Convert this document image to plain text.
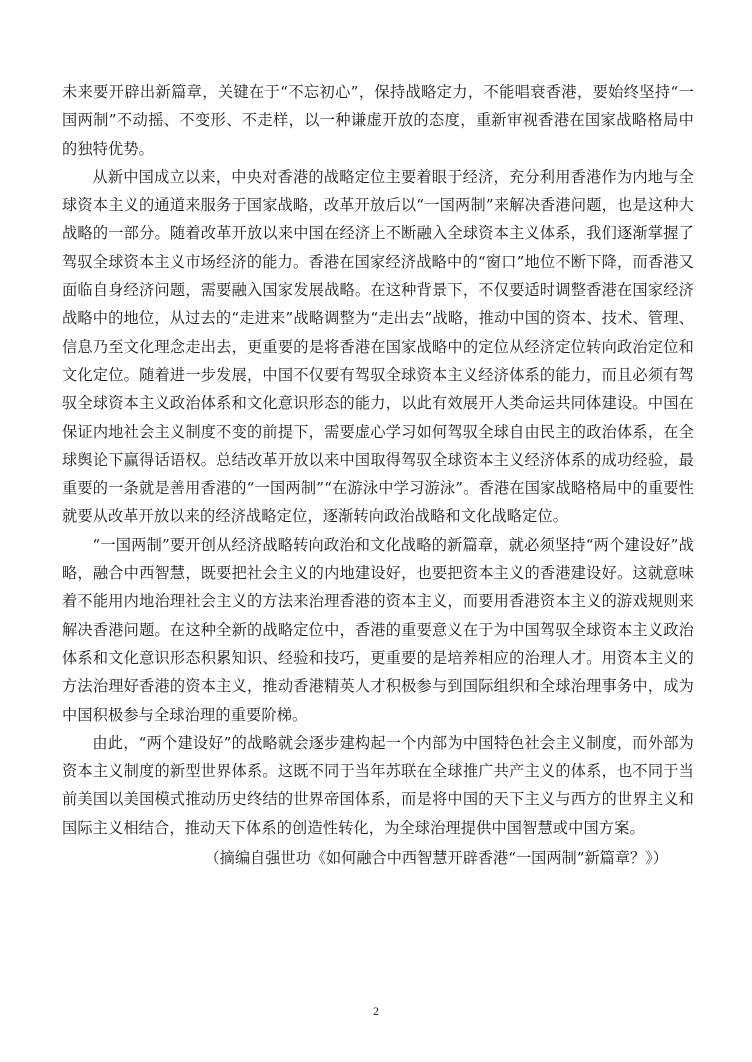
未来要开辟出新篇章，关键在于“不忘初心”，保持战略定力，不能唱衰香港，要始终坚持“一国两制”不动摇、不变形、不走样，以一种谦虚开放的态度，重新审视香港在国家战略格局中的独特优势。

从新中国成立以来，中央对香港的战略定位主要着眼于经济，充分利用香港作为内地与全球资本主义的通道来服务于国家战略，改革开放后以“一国两制”来解决香港问题，也是这种大战略的一部分。随着改革开放以来中国在经济上不断融入全球资本主义体系，我们逐渐掌握了驾驭全球资本主义市场经济的能力。香港在国家经济战略中的“窗口”地位不断下降，而香港又面临自身经济问题，需要融入国家发展战略。在这种背景下，不仅要适时调整香港在国家经济战略中的地位，从过去的“走进来”战略调整为“走出去”战略，推动中国的资本、技术、管理、信息乃至文化理念走出去，更重要的是将香港在国家战略中的定位从经济定位转向政治定位和文化定位。随着进一步发展，中国不仅要有驾驭全球资本主义经济体系的能力，而且必须有驾驭全球资本主义政治体系和文化意识形态的能力，以此有效展开人类命运共同体建设。中国在保证内地社会主义制度不变的前提下，需要虚心学习如何驾驭全球自由民主的政治体系，在全球舆论下赢得话语权。总结改革开放以来中国取得驾驭全球资本主义经济体系的成功经验，最重要的一条就是善用香港的“一国两制”“在游泳中学习游泳”。香港在国家战略格局中的重要性就要从改革开放以来的经济战略定位，逐渐转向政治战略和文化战略定位。

“一国两制”要开创从经济战略转向政治和文化战略的新篇章，就必须坚持“两个建设好”战略，融合中西智慧，既要把社会主义的内地建设好，也要把资本主义的香港建设好。这就意味着不能用内地治理社会主义的方法来治理香港的资本主义，而要用香港资本主义的游戏规则来解决香港问题。在这种全新的战略定位中，香港的重要意义在于为中国驾驭全球资本主义政治体系和文化意识形态积累知识、经验和技巧，更重要的是培养相应的治理人才。用资本主义的方法治理好香港的资本主义，推动香港精英人才积极参与到国际组织和全球治理事务中，成为中国积极参与全球治理的重要阶梯。

由此，“两个建设好”的战略就会逐步建构起一个内部为中国特色社会主义制度，而外部为资本主义制度的新型世界体系。这既不同于当年苏联在全球推广共产主义的体系，也不同于当前美国以美国模式推动历史终结的世界帝国体系，而是将中国的天下主义与西方的世界主义和国际主义相结合，推动天下体系的创造性转化，为全球治理提供中国智慧或中国方案。

（摘编自强世功《如何融合中西智慧开辟香港“一国两制”新篇章？》）

2
